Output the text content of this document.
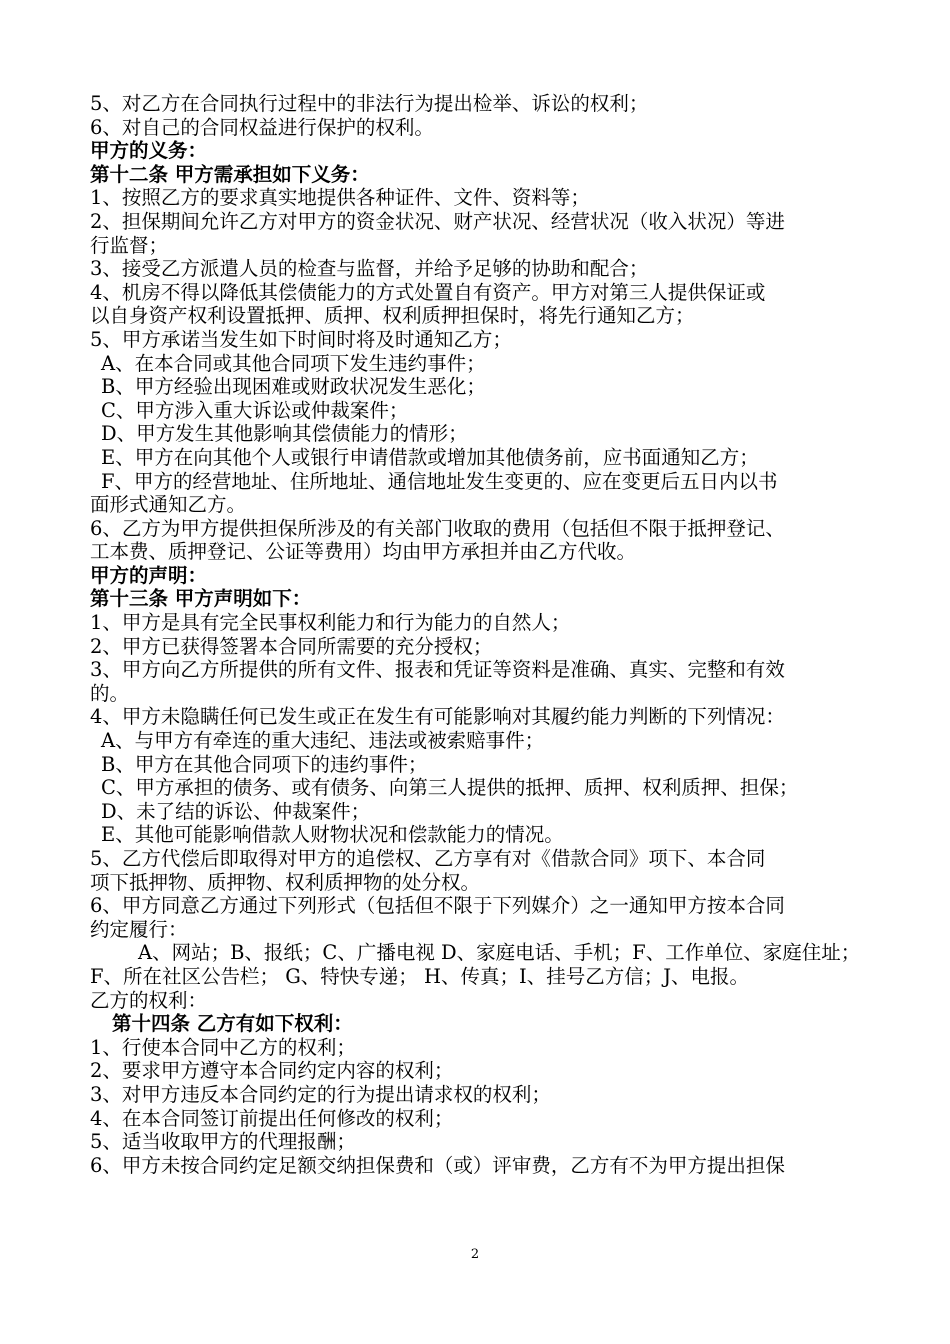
5、对乙方在合同执行过程中的非法行为提出检举、诉讼的权利；
6、对自己的合同权益进行保护的权利。
甲方的义务：
第十二条 甲方需承担如下义务：
1、按照乙方的要求真实地提供各种证件、文件、资料等；
2、担保期间允许乙方对甲方的资金状况、财产状况、经营状况（收入状况）等进
行监督；
3、接受乙方派遣人员的检查与监督，并给予足够的协助和配合；
4、机房不得以降低其偿债能力的方式处置自有资产。甲方对第三人提供保证或
以自身资产权利设置抵押、质押、权利质押担保时，将先行通知乙方；
5、甲方承诺当发生如下时间时将及时通知乙方；
A、在本合同或其他合同项下发生违约事件；
B、甲方经验出现困难或财政状况发生恶化；
C、甲方涉入重大诉讼或仲裁案件；
D、甲方发生其他影响其偿债能力的情形；
E、甲方在向其他个人或银行申请借款或增加其他债务前，应书面通知乙方；
F、甲方的经营地址、住所地址、通信地址发生变更的、应在变更后五日内以书
面形式通知乙方。
6、乙方为甲方提供担保所涉及的有关部门收取的费用（包括但不限于抵押登记、
工本费、质押登记、公证等费用）均由甲方承担并由乙方代收。
甲方的声明：
第十三条 甲方声明如下：
1、甲方是具有完全民事权利能力和行为能力的自然人；
2、甲方已获得签署本合同所需要的充分授权；
3、甲方向乙方所提供的所有文件、报表和凭证等资料是准确、真实、完整和有效
的。
4、甲方未隐瞒任何已发生或正在发生有可能影响对其履约能力判断的下列情况：
A、与甲方有牵连的重大违纪、违法或被索赔事件；
B、甲方在其他合同项下的违约事件；
C、甲方承担的债务、或有债务、向第三人提供的抵押、质押、权利质押、担保；
D、未了结的诉讼、仲裁案件；
E、其他可能影响借款人财物状况和偿款能力的情况。
5、乙方代偿后即取得对甲方的追偿权、乙方享有对《借款合同》项下、本合同
项下抵押物、质押物、权利质押物的处分权。
6、甲方同意乙方通过下列形式（包括但不限于下列媒介）之一通知甲方按本合同
约定履行：
A、网站；B、报纸；C、广播电视 D、家庭电话、手机；F、工作单位、家庭住址；
F、所在社区公告栏； G、特快专递； H、传真；I、挂号乙方信；J、电报。
乙方的权利：
第十四条 乙方有如下权利：
1、行使本合同中乙方的权利；
2、要求甲方遵守本合同约定内容的权利；
3、对甲方违反本合同约定的行为提出请求权的权利；
4、在本合同签订前提出任何修改的权利；
5、适当收取甲方的代理报酬；
6、甲方未按合同约定足额交纳担保费和（或）评审费，乙方有不为甲方提出担保
2
